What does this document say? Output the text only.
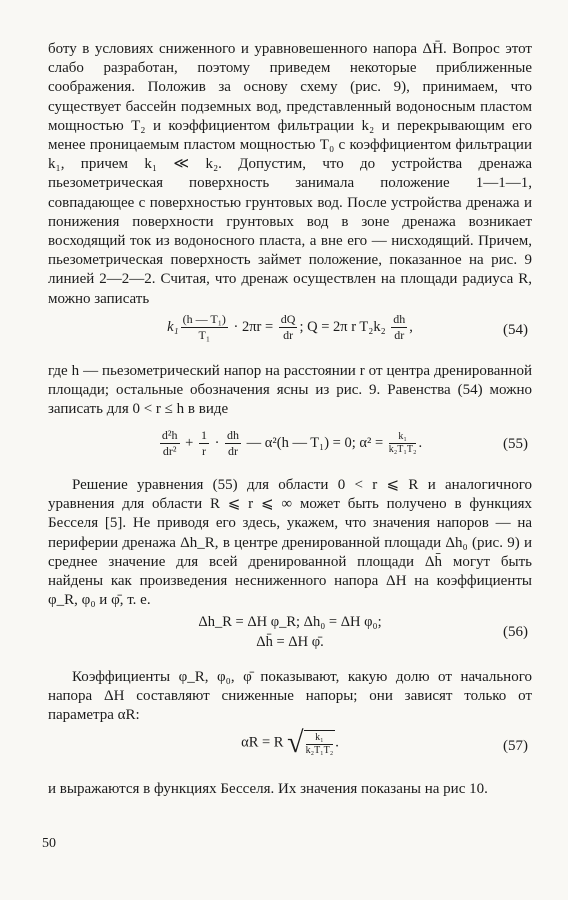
боту в условиях сниженного и уравновешенного напора ΔH̄. Вопрос этот слабо разработан, поэтому приведем некоторые приближенные соображения. Положив за основу схему (рис. 9), принимаем, что существует бассейн подземных вод, представленный водоносным пластом мощностью T₂ и коэффициентом фильтрации k₂ и перекрывающим его менее проницаемым пластом мощностью T₀ с коэффициентом фильтрации k₁, причем k₁ ≪ k₂. Допустим, что до устройства дренажа пьезометрическая поверхность занимала положение 1—1—1, совпадающее с поверхностью грунтовых вод. После устройства дренажа и понижения поверхности грунтовых вод в зоне дренажа возникает восходящий ток из водоносного пласта, а вне его — нисходящий. Причем, пьезометрическая поверхность займет положение, показанное на рис. 9 линией 2—2—2. Считая, что дренаж осуществлен на площади радиуса R, можно записать

$k_1 \frac{\text{(h — T₁)}}{\text{T₁}} \cdot 2\pi r = \frac{dQ}{dr}$ ; Q = 2π r $T_2k_2 \frac{dh}{dr}$ ,	(54)

где h — пьезометрический напор на расстоянии r от центра дренированной площади; остальные обозначения ясны из рис. 9. Равенства (54) можно записать для 0 < r ≤ h в виде

$\frac{\text{d²h}}{\text{dr²}} + \frac{1}{r} \cdot \frac{dh}{dr}$ — α²(h — T₁) = 0; $\alpha^2 = \frac{\text{k₁}}{\text{k₂T₁T₂}}$ .	(55)

Решение уравнения (55) для области 0 < r ⩽ R и аналогичного уравнения для области R ⩽ r ⩽ ∞ может быть получено в функциях Бесселя [5]. Не приводя его здесь, укажем, что значения напоров — на периферии дренажа Δh_R, в центре дренированной площади Δh₀ (рис. 9) и среднее значение для всей дренированной площади Δh̄ могут быть найдены как произведения несниженного напора ΔH на коэффициенты φ_R, φ₀ и φ̄, т. е.

Δh_R = ΔH φ_R; Δh₀ = ΔH φ₀;
Δh̄ = ΔH φ̄.
(56)

Коэффициенты φ_R, φ₀, φ̄ показывают, какую долю от начального напора ΔH составляют сниженные напоры; они зависят только от параметра αR:

αR = R √ $\frac{\text{k₁}}{\text{k₂T₁T₂}}$ .	(57)

и выражаются в функциях Бесселя. Их значения показаны на рис 10.

50
